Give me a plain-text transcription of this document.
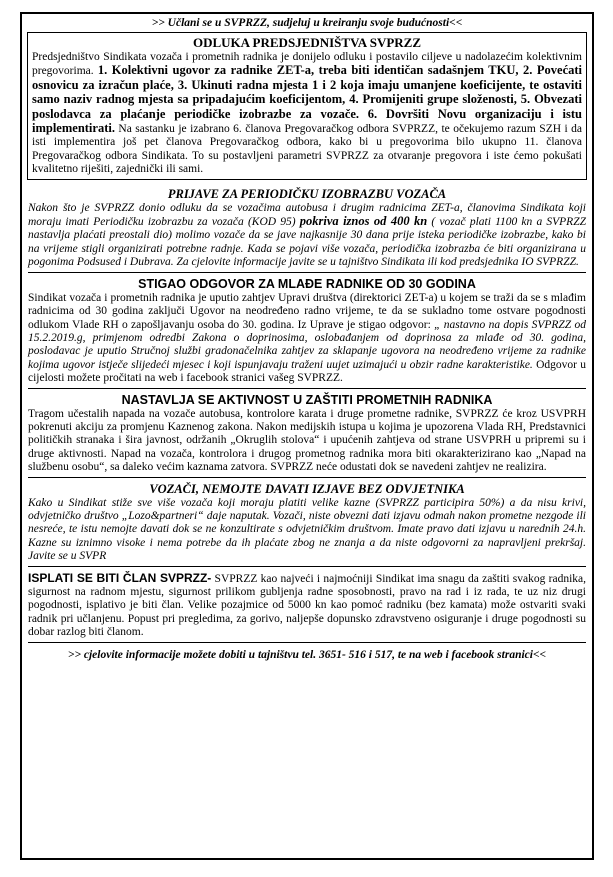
>> Učlani se u SVPRZZ, sudjeluj u kreiranju svoje budućnosti<<
ODLUKA PREDSJEDNIŠTVA SVPRZZ

Predsjedništvo Sindikata vozača i prometnih radnika je donijelo odluku i postavilo ciljeve u nadolazećim kolektivnim pregovorima. 1. Kolektivni ugovor za radnike ZET-a, treba biti identičan sadašnjem TKU, 2. Povećati osnovicu za izračun plaće, 3. Ukinuti radna mjesta 1 i 2 koja imaju umanjene koeficijente, te ostaviti samo naziv radnog mjesta sa pripadajućim koeficijentom, 4. Promijeniti grupe složenosti, 5. Obvezati poslodavca za plaćanje periodičke izobrazbe za vozače. 6. Dovršiti Novu organizaciju i istu implementirati. Na sastanku je izabrano 6. članova Pregovaračkog odbora SVPRZZ, te očekujemo razum SZH i da isti implementira još pet članova Pregovaračkog odbora, kako bi u pregovorima bilo ukupno 11. članova Pregovaračkog odbora Sindikata. To su postavljeni parametri SVPRZZ za otvaranje pregovora i iste ćemo pokušati kvalitetno riješiti, zajednički ili sami.

PRIJAVE ZA PERIODIČKU IZOBRAZBU VOZAČA

Nakon što je SVPRZZ donio odluku da se vozačima autobusa i drugim radnicima ZET-a, članovima Sindikata koji moraju imati Periodičku izobrazbu za vozača (KOD 95) pokriva iznos od 400 kn ( vozač plati 1100 kn a SVPRZZ nastavlja plaćati preostali dio) molimo vozače da se jave najkasnije 30 dana prije isteka periodičke izobrazbe, kako bi na vrijeme stigli organizirati potrebne radnje. Kada se pojavi više vozača, periodička izobrazba će biti organizirana u pogonima Podsused i Dubrava. Za cjelovite informacije javite se u tajništvo Sindikata ili kod predsjednika IO SVPRZZ.

STIGAO ODGOVOR ZA MLAĐE RADNIKE OD 30 GODINA

Sindikat vozača i prometnih radnika je uputio zahtjev Upravi društva (direktorici ZET-a) u kojem se traži da se s mlađim radnicima od 30 godina zaključi Ugovor na neodređeno radno vrijeme, te da se sukladno tome ostvare pogodnosti odlukom Vlade RH o zapošljavanju osoba do 30. godina. Iz Uprave je stigao odgovor: „ nastavno na dopis SVPRZZ od 15.2.2019.g, primjenom odredbi Zakona o doprinosima, oslobađanjem od doprinosa za mlađe od 30. godina, poslodavac je uputio Stručnoj službi gradonačelnika zahtjev za sklapanje ugovora na neodređeno vrijeme za radnike kojima ugovor istječe slijedeći mjesec i koji ispunjavaju traženi uujet uzimajući u obzir radne karakteristike. Odgovor u cijelosti možete pročitati na web i facebook stranici vašeg SVPRZZ.

NASTAVLJA SE AKTIVNOST U ZAŠTITI PROMETNIH RADNIKA

Tragom učestalih napada na vozače autobusa, kontrolore karata i druge prometne radnike, SVPRZZ će kroz USVPRH pokrenuti akciju za promjenu Kaznenog zakona. Nakon medijskih istupa u kojima je upozorena Vlada RH, Predstavnici političkih stranaka i šira javnost, održanih „Okruglih stolova“ i upućenih zahtjeva od strane USVPRH u pripremi su i druge aktivnosti. Napad na vozača, kontrolora i drugog prometnog radnika mora biti okarakterizirano kao „Napad na službenu osobu“, sa daleko većim kaznama zatvora. SVPRZZ neće odustati dok se navedeni zahtjev ne realizira.

VOZAČI, NEMOJTE DAVATI IZJAVE BEZ ODVJETNIKA

Kako u Sindikat stiže sve više vozača koji moraju platiti velike kazne (SVPRZZ participira 50%) a da nisu krivi, odvjetničko društvo „Lozo&partneri“ daje naputak. Vozači, niste obvezni dati izjavu odmah nakon prometne nezgode ili nesreće, te istu nemojte davati dok se ne konzultirate s odvjetničkim društvom. Imate pravo dati izjavu u narednih 24.h. Kazne su iznimno visoke i nema potrebe da ih plaćate zbog ne znanja a da niste odgovorni za napravljeni prekršaj. Javite se u SVPR

ISPLATI SE BITI ČLAN SVPRZZ- SVPRZZ kao najveći i najmoćniji Sindikat ima snagu da zaštiti svakog radnika, sigurnost na radnom mjestu, sigurnost prilikom gubljenja radne sposobnosti, pravo na rad i iz rada, te uz niz drugi pogodnosti, isplativo je biti član. Velike pozajmice od 5000 kn kao pomoć radniku (bez kamata) može ostvariti svaki radnik pri učlanjenu. Popust pri pregledima, za gorivo, naljepše dopunsko zdravstveno osiguranje i druge pogodnosti su dobar razlog biti članom.

>> cjelovite informacije možete dobiti u tajništvu tel. 3651- 516 i 517, te na web i facebook stranici<<
